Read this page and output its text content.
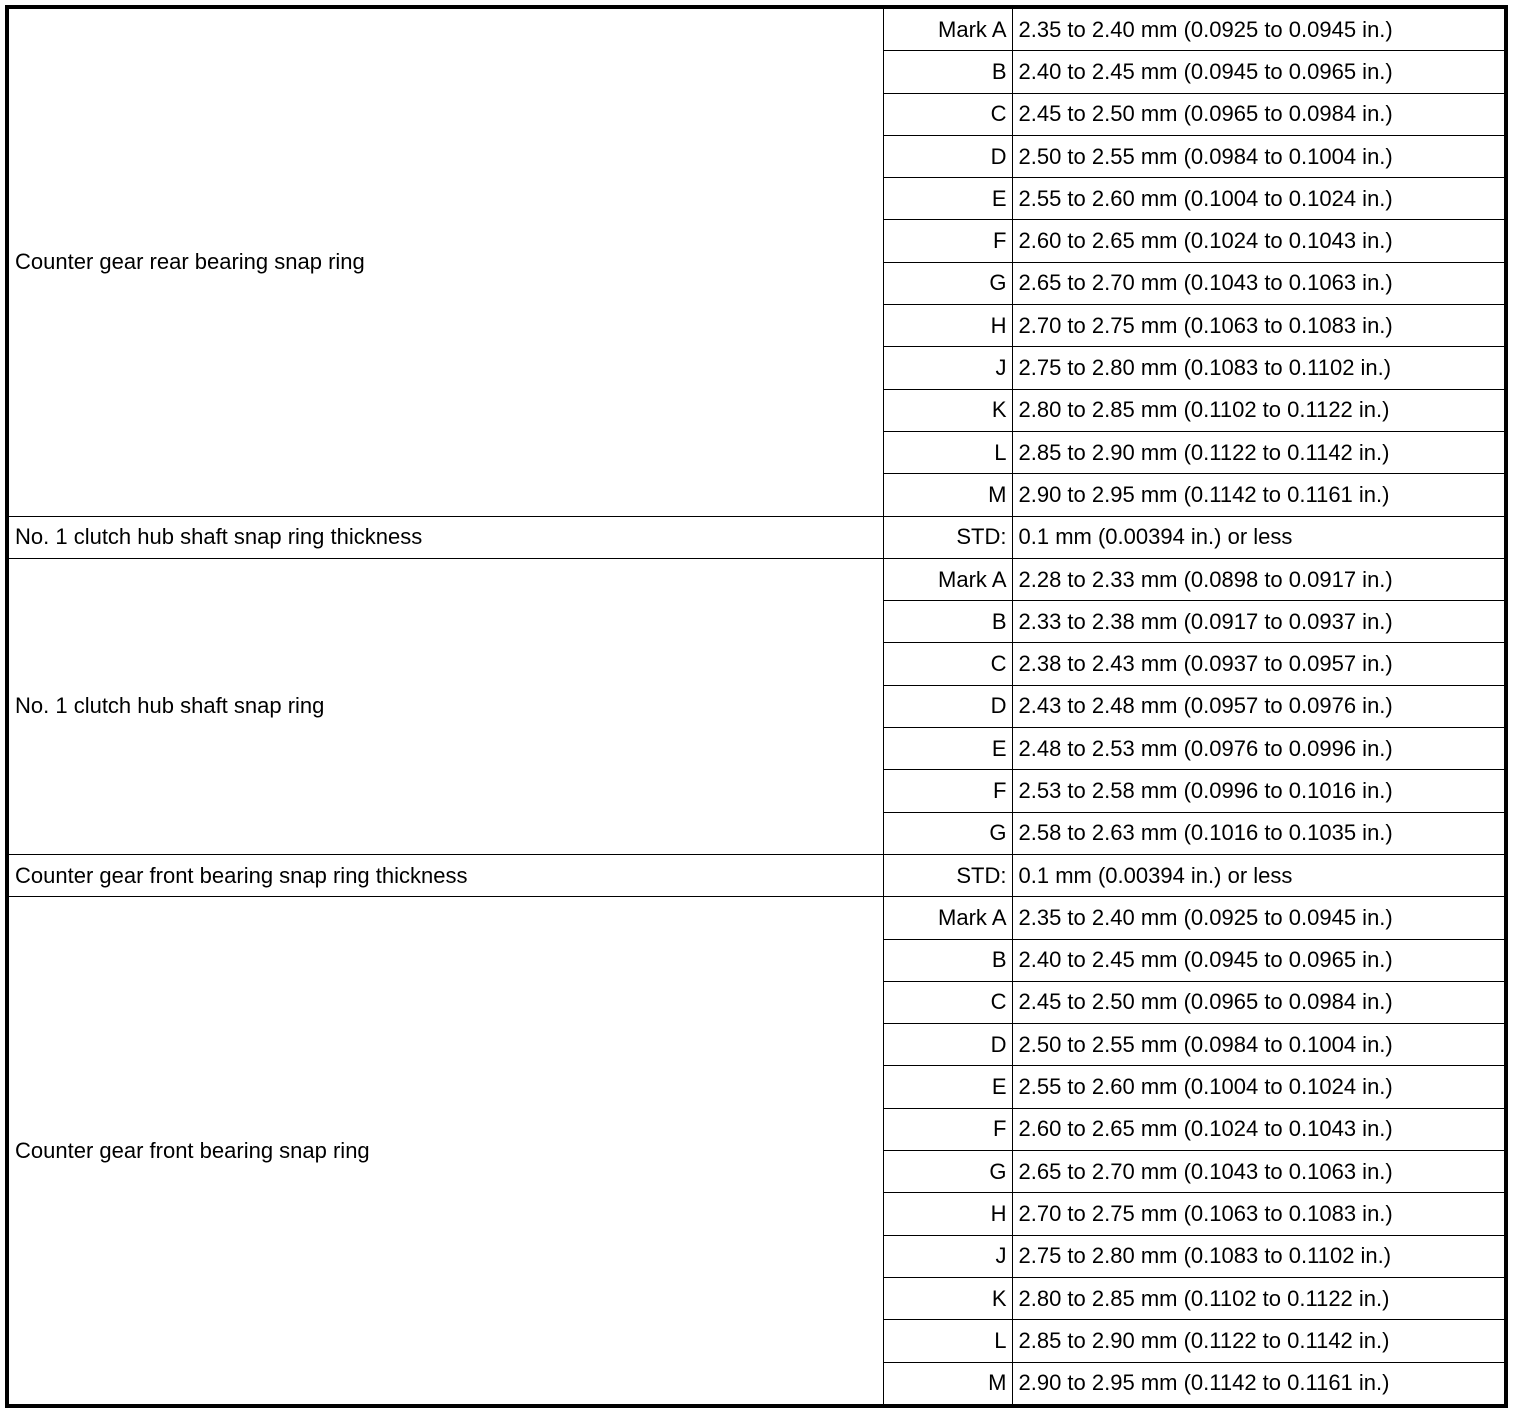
Counter gear rear bearing snap ring	Mark A	2.35 to 2.40 mm (0.0925 to 0.0945 in.)
	B	2.40 to 2.45 mm (0.0945 to 0.0965 in.)
	C	2.45 to 2.50 mm (0.0965 to 0.0984 in.)
	D	2.50 to 2.55 mm (0.0984 to 0.1004 in.)
	E	2.55 to 2.60 mm (0.1004 to 0.1024 in.)
	F	2.60 to 2.65 mm (0.1024 to 0.1043 in.)
	G	2.65 to 2.70 mm (0.1043 to 0.1063 in.)
	H	2.70 to 2.75 mm (0.1063 to 0.1083 in.)
	J	2.75 to 2.80 mm (0.1083 to 0.1102 in.)
	K	2.80 to 2.85 mm (0.1102 to 0.1122 in.)
	L	2.85 to 2.90 mm (0.1122 to 0.1142 in.)
	M	2.90 to 2.95 mm (0.1142 to 0.1161 in.)
No. 1 clutch hub shaft snap ring thickness	STD:	0.1 mm (0.00394 in.) or less
No. 1 clutch hub shaft snap ring	Mark A	2.28 to 2.33 mm (0.0898 to 0.0917 in.)
	B	2.33 to 2.38 mm (0.0917 to 0.0937 in.)
	C	2.38 to 2.43 mm (0.0937 to 0.0957 in.)
	D	2.43 to 2.48 mm (0.0957 to 0.0976 in.)
	E	2.48 to 2.53 mm (0.0976 to 0.0996 in.)
	F	2.53 to 2.58 mm (0.0996 to 0.1016 in.)
	G	2.58 to 2.63 mm (0.1016 to 0.1035 in.)
Counter gear front bearing snap ring thickness	STD:	0.1 mm (0.00394 in.) or less
Counter gear front bearing snap ring	Mark A	2.35 to 2.40 mm (0.0925 to 0.0945 in.)
	B	2.40 to 2.45 mm (0.0945 to 0.0965 in.)
	C	2.45 to 2.50 mm (0.0965 to 0.0984 in.)
	D	2.50 to 2.55 mm (0.0984 to 0.1004 in.)
	E	2.55 to 2.60 mm (0.1004 to 0.1024 in.)
	F	2.60 to 2.65 mm (0.1024 to 0.1043 in.)
	G	2.65 to 2.70 mm (0.1043 to 0.1063 in.)
	H	2.70 to 2.75 mm (0.1063 to 0.1083 in.)
	J	2.75 to 2.80 mm (0.1083 to 0.1102 in.)
	K	2.80 to 2.85 mm (0.1102 to 0.1122 in.)
	L	2.85 to 2.90 mm (0.1122 to 0.1142 in.)
	M	2.90 to 2.95 mm (0.1142 to 0.1161 in.)
